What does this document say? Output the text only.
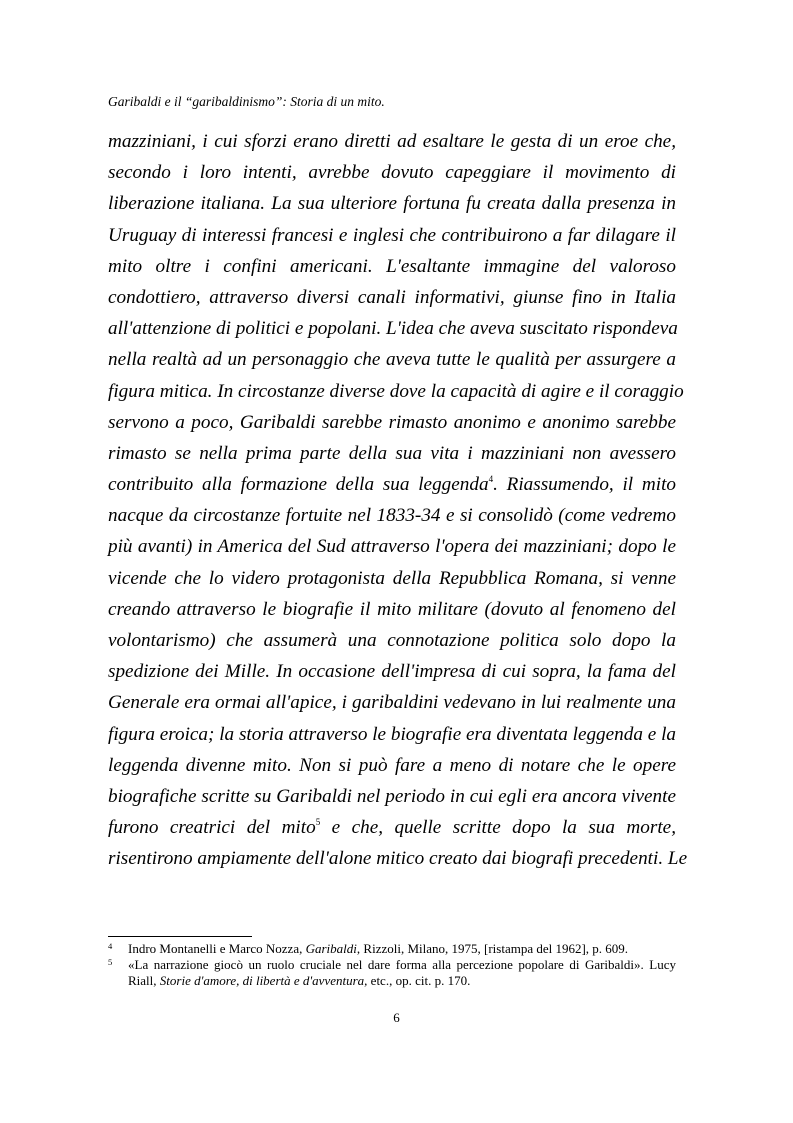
Garibaldi e il “garibaldinismo”: Storia di un mito.
mazziniani, i cui sforzi erano diretti ad esaltare le gesta di un eroe che,
secondo i loro intenti, avrebbe dovuto capeggiare il movimento di
liberazione italiana. La sua ulteriore fortuna fu creata dalla presenza in
Uruguay di interessi francesi e inglesi che contribuirono a far dilagare il
mito oltre i confini americani. L'esaltante immagine del valoroso
condottiero, attraverso diversi canali informativi, giunse fino in Italia
all'attenzione di politici e popolani. L'idea che aveva suscitato rispondeva
nella realtà ad un personaggio che aveva tutte le qualità per assurgere a
figura mitica. In circostanze diverse dove la capacità di agire e il coraggio
servono a poco, Garibaldi sarebbe rimasto anonimo e anonimo sarebbe
rimasto se nella prima parte della sua vita i mazziniani non avessero
contribuito alla formazione della sua leggenda$^4$. Riassumendo, il mito
nacque da circostanze fortuite nel 1833-34 e si consolidò (come vedremo
più avanti) in America del Sud attraverso l'opera dei mazziniani; dopo le
vicende che lo videro protagonista della Repubblica Romana, si venne
creando attraverso le biografie il mito militare (dovuto al fenomeno del
volontarismo) che assumerà una connotazione politica solo dopo la
spedizione dei Mille. In occasione dell'impresa di cui sopra, la fama del
Generale era ormai all'apice, i garibaldini vedevano in lui realmente una
figura eroica; la storia attraverso le biografie era diventata leggenda e la
leggenda divenne mito. Non si può fare a meno di notare che le opere
biografiche scritte su Garibaldi nel periodo in cui egli era ancora vivente
furono creatrici del mito$^5$ e che, quelle scritte dopo la sua morte,
risentirono ampiamente dell'alone mitico creato dai biografi precedenti. Le
4 Indro Montanelli e Marco Nozza, Garibaldi, Rizzoli, Milano, 1975, [ristampa del 1962], p. 609.
5 «La narrazione giocò un ruolo cruciale nel dare forma alla percezione popolare di Garibaldi». Lucy Riall, Storie d'amore, di libertà e d'avventura, etc., op. cit. p. 170.
6
